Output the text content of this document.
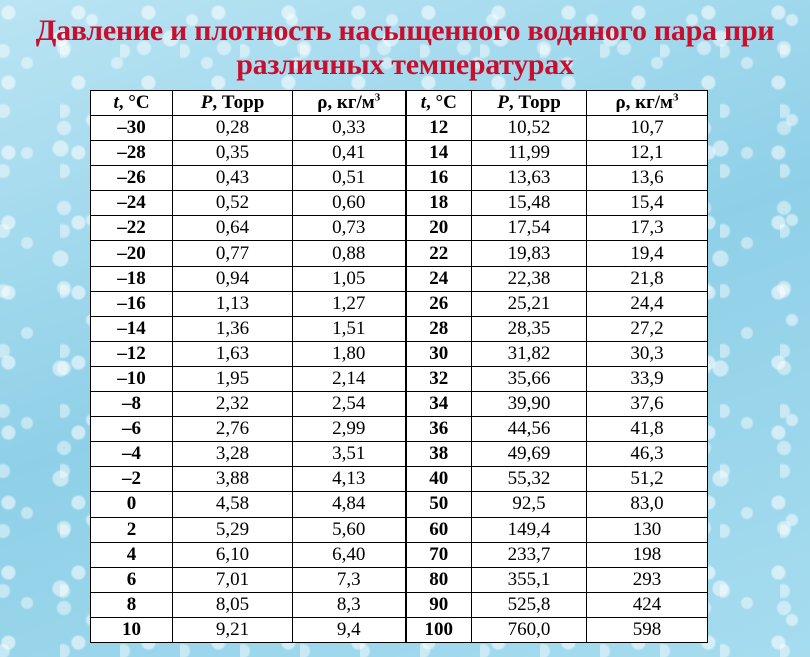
Давление и плотность насыщенного водяного пара при
различных температурах
t, °C	P, Торр	ρ, $кг/м^3$	t, °C	P, Торр	ρ, $кг/м^3$
–30	0,28	0,33	12	10,52	10,7
–28	0,35	0,41	14	11,99	12,1
–26	0,43	0,51	16	13,63	13,6
–24	0,52	0,60	18	15,48	15,4
–22	0,64	0,73	20	17,54	17,3
–20	0,77	0,88	22	19,83	19,4
–18	0,94	1,05	24	22,38	21,8
–16	1,13	1,27	26	25,21	24,4
–14	1,36	1,51	28	28,35	27,2
–12	1,63	1,80	30	31,82	30,3
–10	1,95	2,14	32	35,66	33,9
–8	2,32	2,54	34	39,90	37,6
–6	2,76	2,99	36	44,56	41,8
–4	3,28	3,51	38	49,69	46,3
–2	3,88	4,13	40	55,32	51,2
0	4,58	4,84	50	92,5	83,0
2	5,29	5,60	60	149,4	130
4	6,10	6,40	70	233,7	198
6	7,01	7,3	80	355,1	293
8	8,05	8,3	90	525,8	424
10	9,21	9,4	100	760,0	598
